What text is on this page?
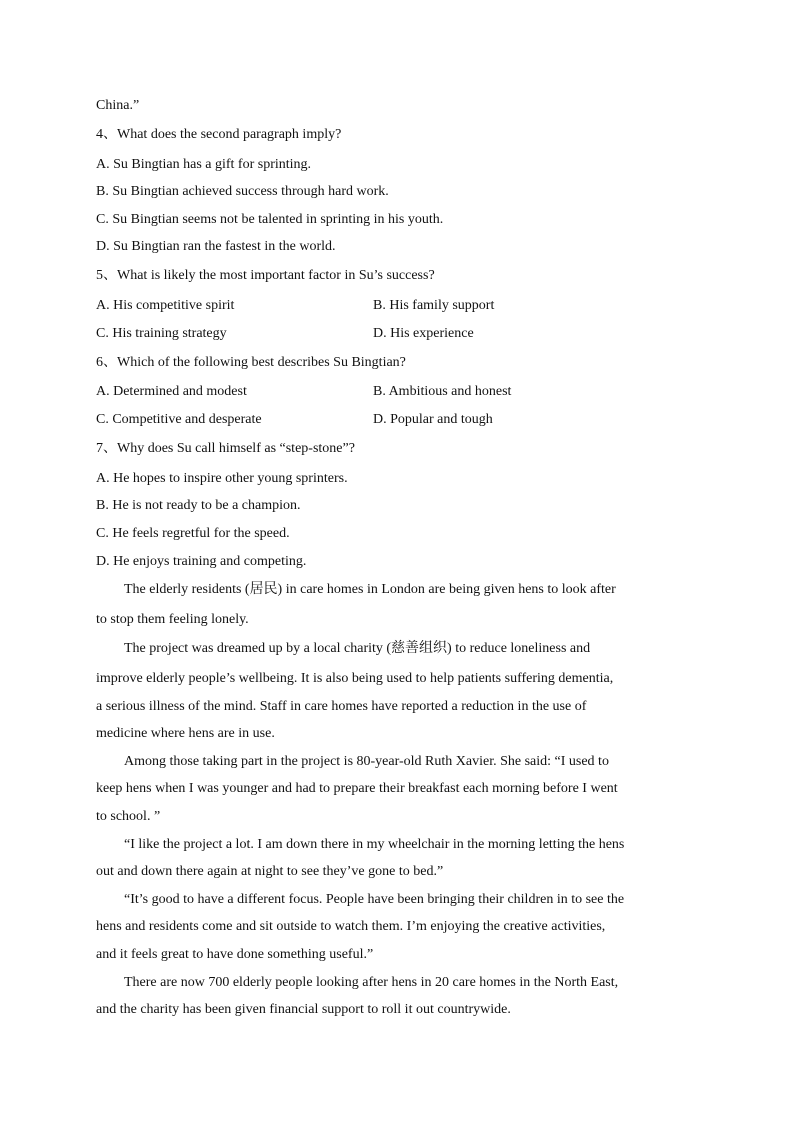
China.”
4、What does the second paragraph imply?
A. Su Bingtian has a gift for sprinting.
B. Su Bingtian achieved success through hard work.
C. Su Bingtian seems not be talented in sprinting in his youth.
D. Su Bingtian ran the fastest in the world.
5、What is likely the most important factor in Su’s success?
A. His competitive spirit	B. His family support
C. His training strategy	D. His experience
6、Which of the following best describes Su Bingtian?
A. Determined and modest	B. Ambitious and honest
C. Competitive and desperate	D. Popular and tough
7、Why does Su call himself as “step-stone”?
A. He hopes to inspire other young sprinters.
B. He is not ready to be a champion.
C. He feels regretful for the speed.
D. He enjoys training and competing.
The elderly residents (居民) in care homes in London are being given hens to look after
to stop them feeling lonely.
The project was dreamed up by a local charity (慈善组织) to reduce loneliness and
improve elderly people’s wellbeing. It is also being used to help patients suffering dementia,
a serious illness of the mind. Staff in care homes have reported a reduction in the use of
medicine where hens are in use.
Among those taking part in the project is 80-year-old Ruth Xavier. She said: “I used to
keep hens when I was younger and had to prepare their breakfast each morning before I went
to school. ”
“I like the project a lot. I am down there in my wheelchair in the morning letting the hens
out and down there again at night to see they’ve gone to bed.”
“It’s good to have a different focus. People have been bringing their children in to see the
hens and residents come and sit outside to watch them. I’m enjoying the creative activities,
and it feels great to have done something useful.”
There are now 700 elderly people looking after hens in 20 care homes in the North East,
and the charity has been given financial support to roll it out countrywide.
